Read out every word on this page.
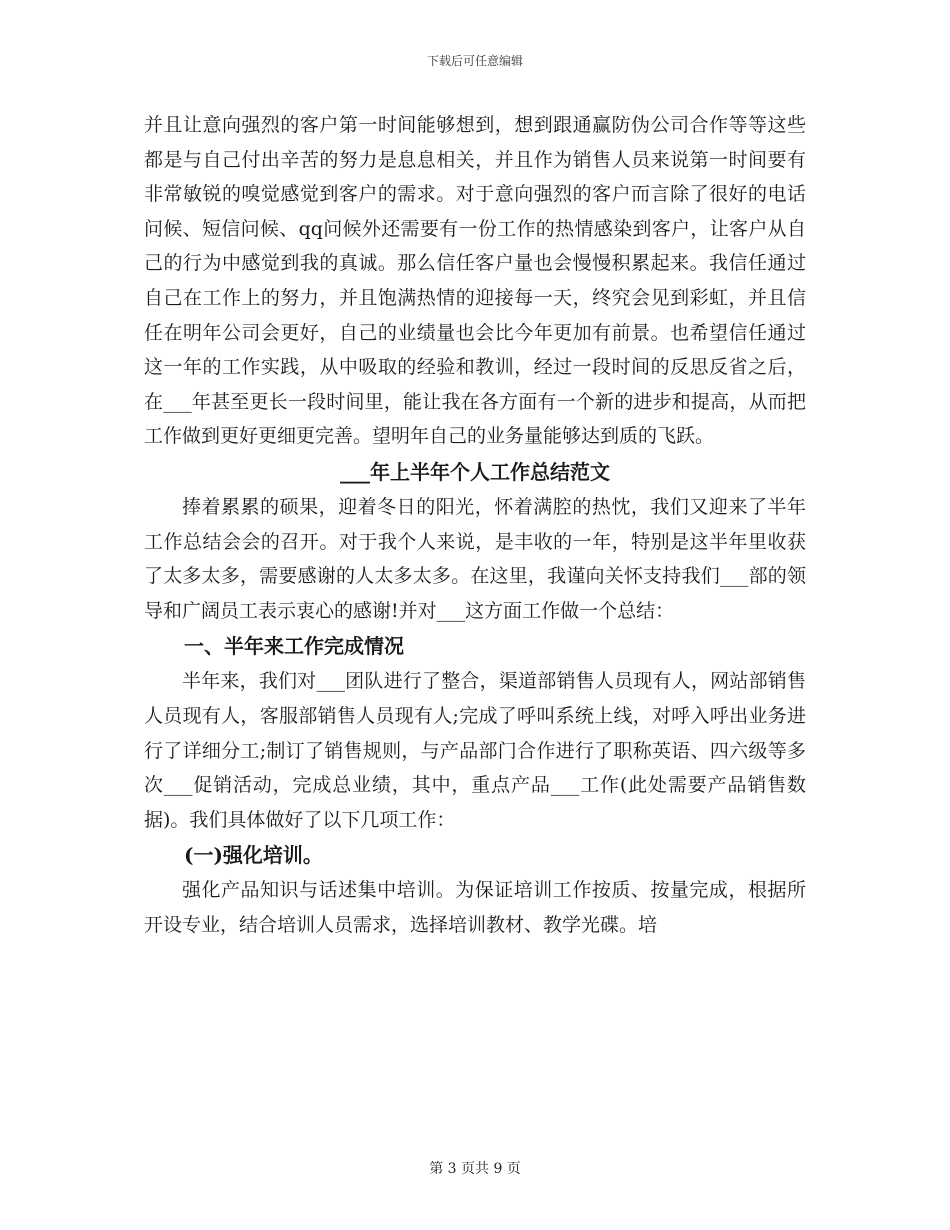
下载后可任意编辑

并且让意向强烈的客户第一时间能够想到，想到跟通赢防伪公司合作等等这些都是与自己付出辛苦的努力是息息相关，并且作为销售人员来说第一时间要有非常敏锐的嗅觉感觉到客户的需求。对于意向强烈的客户而言除了很好的电话问候、短信问候、qq问候外还需要有一份工作的热情感染到客户，让客户从自己的行为中感觉到我的真诚。那么信任客户量也会慢慢积累起来。我信任通过自己在工作上的努力，并且饱满热情的迎接每一天，终究会见到彩虹，并且信任在明年公司会更好，自己的业绩量也会比今年更加有前景。也希望信任通过这一年的工作实践，从中吸取的经验和教训，经过一段时间的反思反省之后，在___年甚至更长一段时间里，能让我在各方面有一个新的进步和提高，从而把工作做到更好更细更完善。望明年自己的业务量能够达到质的飞跃。

___年上半年个人工作总结范文

捧着累累的硕果，迎着冬日的阳光，怀着满腔的热忱，我们又迎来了半年工作总结会会的召开。对于我个人来说，是丰收的一年，特别是这半年里收获了太多太多，需要感谢的人太多太多。在这里，我谨向关怀支持我们___部的领导和广阔员工表示衷心的感谢!并对___这方面工作做一个总结：

一、半年来工作完成情况

半年来，我们对___团队进行了整合，渠道部销售人员现有人，网站部销售人员现有人，客服部销售人员现有人;完成了呼叫系统上线，对呼入呼出业务进行了详细分工;制订了销售规则，与产品部门合作进行了职称英语、四六级等多次___促销活动，完成总业绩，其中，重点产品___工作(此处需要产品销售数据)。我们具体做好了以下几项工作：

(一)强化培训。

强化产品知识与话述集中培训。为保证培训工作按质、按量完成，根据所开设专业，结合培训人员需求，选择培训教材、教学光碟。培

第 3 页共 9 页
